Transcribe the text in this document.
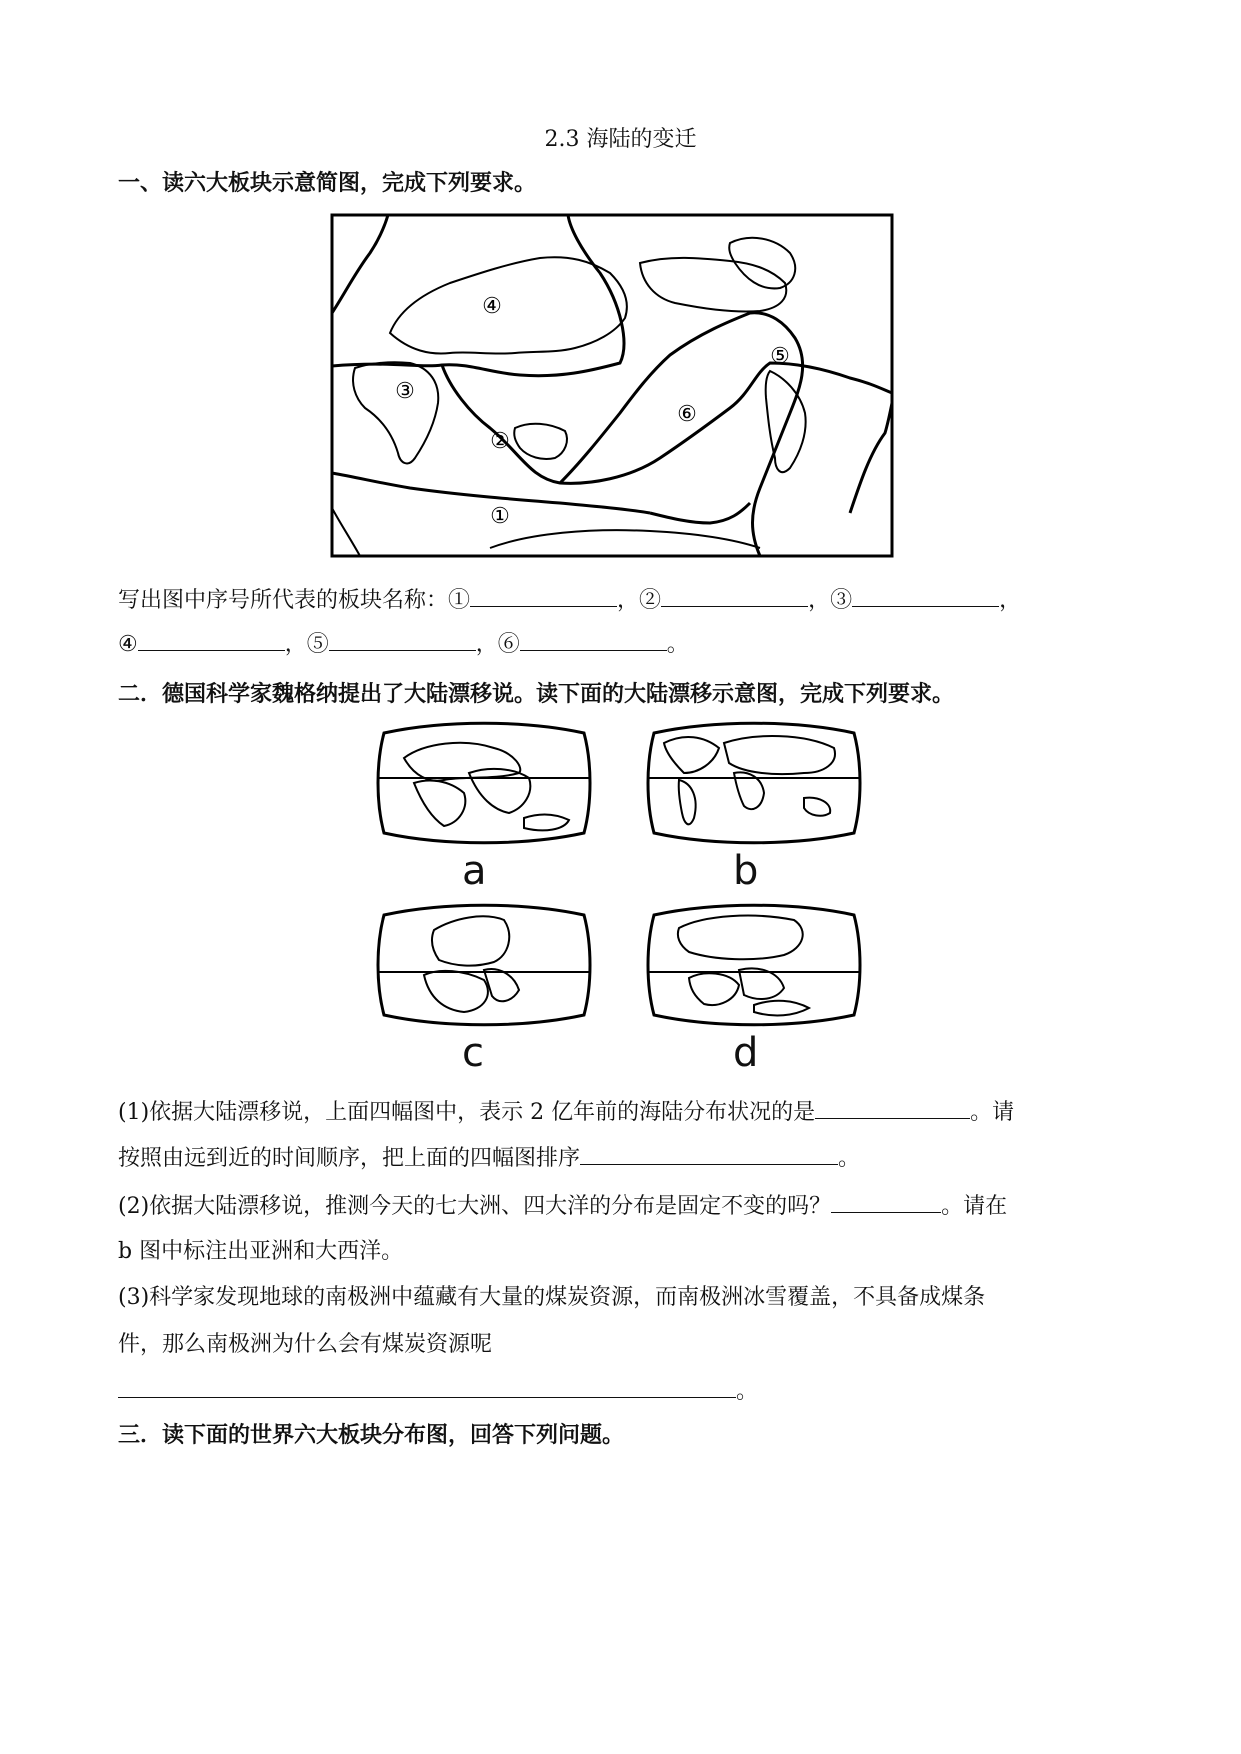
2.3 海陆的变迁
一、读六大板块示意简图，完成下列要求。
④
③
②
⑥
⑤
①
写出图中序号所代表的板块名称：①	，②	，③	，
④	，⑤	，⑥	。
二．德国科学家魏格纳提出了大陆漂移说。读下面的大陆漂移示意图，完成下列要求。
a	b
c	d
(1)依据大陆漂移说，上面四幅图中，表示 2 亿年前的海陆分布状况的是	。请
按照由远到近的时间顺序，把上面的四幅图排序	。
(2)依据大陆漂移说，推测今天的七大洲、四大洋的分布是固定不变的吗？	。请在
b 图中标注出亚洲和大西洋。
(3)科学家发现地球的南极洲中蕴藏有大量的煤炭资源，而南极洲冰雪覆盖，不具备成煤条
件，那么南极洲为什么会有煤炭资源呢
。
三．读下面的世界六大板块分布图，回答下列问题。
